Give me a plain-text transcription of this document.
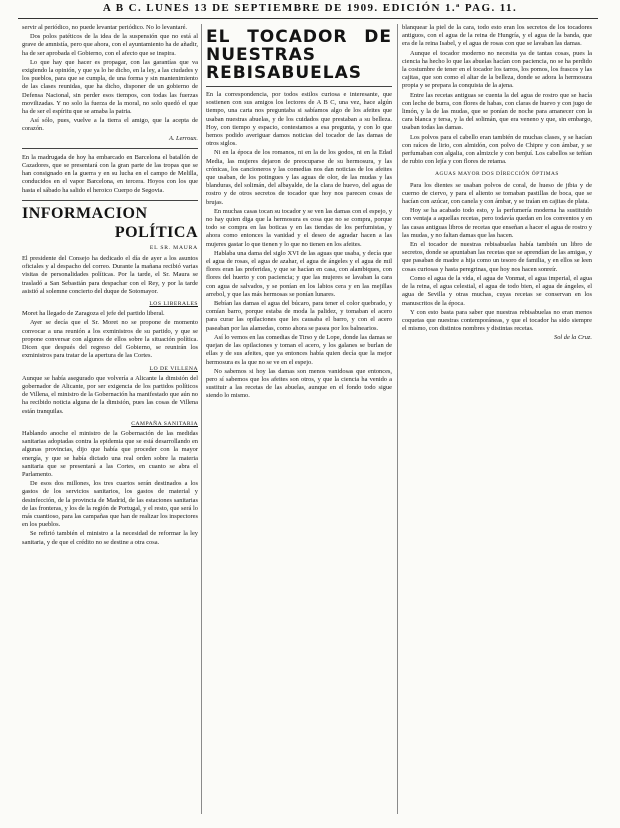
A B C. LUNES 13 DE SEPTIEMBRE DE 1909. EDICIÓN 1.ª PAG. 11.

servir al periódico, no puede levantar periódico. No lo levantaré.

Dos polos patéticos de la idea de la suspensión que no está al grave de amnistía, pero que ahora, con el ayuntamiento ha de añadir, ha de ser aprobada el Gobierno, con el afecto que se inspira.

Lo que hay que hacer es propagar, con las garantías que va exigiendo la opinión, y que ya lo he dicho, en la ley, a las ciudades y los pueblos, para que se cumpla, de una forma y sin mantenimiento de las clases reunidas, que ha dicho, disponer de un gobierno de Defensa Nacional, sin perder esos tiempos, con todas las fuerzas movilizadas. Y no solo la fuerza de la moral, no solo quedó el que ha de ser el espíritu que se amaba la patria.

Así sólo, pues, vuelve a la tierra el amigo, que la acepta de corazón.

A. Lerroux.

En la madrugada de hoy ha embarcado en Barcelona el batallón de Cazadores, que se presentará con la gran parte de las tropas que se han consignado en la guerra y en su lucha en el campo de Melilla, conducidos en el vapor Barcelona, en tercera. Hoyos con los que hasta el sábado ha salido el heroico Cuerpo de Segovia.

INFORMACION
POLÍTICA
EL SR. MAURA

El presidente del Consejo ha dedicado el día de ayer a los asuntos oficiales y al despacho del correo. Durante la mañana recibió varias visitas de personalidades políticas. Por la tarde, el Sr. Maura se trasladó a San Sebastián para despachar con el Rey, y por la tarde asistió al solemne concierto del duque de Sotomayor.

LOS LIBERALES

Moret ha llegado de Zaragoza el jefe del partido liberal.

Ayer se decía que el Sr. Moret no se propone de momento convocar a una reunión a los exministros de su partido, y que se propone conversar con algunos de ellos sobre la situación política. Dicen que después del regreso del Gobierno, se reunirán los exministros para tratar de la apertura de las Cortes.

LO DE VILLENA

Aunque se había asegurado que volvería a Alicante la dimisión del gobernador de Alicante, por ser exigencia de los partidos políticos de Villena, el ministro de la Gobernación ha manifestado que aún no ha recibido noticia alguna de la dimisión, pues las cosas de Villena están tranquilas.

CAMPAÑA SANITARIA

Hablando anoche el ministro de la Gobernación de las medidas sanitarias adoptadas contra la epidemia que se está desarrollando en algunas provincias, dijo que había que proceder con la mayor energía, y que se había dictado una real orden sobre la materia sanitaria que se presentará a las Cortes, en cuanto se abra el Parlamento.

De esos dos millones, los tres cuartos serán destinados a los gastos de los servicios sanitarios, los gastos de material y desinfección, de la provincia de Madrid, de las estaciones sanitarias de las fronteras, y los de la región de Portugal, y el resto, que será lo más cuantioso, para las campañas que han de realizar los inspectores en los pueblos.

Se refirió también el ministro a la necesidad de reformar la ley sanitaria, y de que el crédito no se destine a otra cosa.

EL TOCADOR DE NUESTRAS REBISABUELAS

En la correspondencia, por todos estilos curiosa e interesante, que sostienen con sus amigos los lectores de A B C, una vez, hace algún tiempo, una carta nos preguntaba si sabíamos algo de los afeites que usaban nuestras abuelas, y de los cuidados que prestaban a su belleza. Hoy, con tiempo y espacio, contestamos a esa pregunta, y con lo que hemos podido averiguar damos noticias del tocador de las damas de otros siglos.

Ni en la época de los romanos, ni en la de los godos, ni en la Edad Media, las mujeres dejaron de preocuparse de su hermosura, y las crónicas, los cancioneros y las comedias nos dan noticias de los afeites que usaban, de los potingues y las aguas de olor, de las mudas y las blanduras, del solimán, del albayalde, de la clara de huevo, del agua de rostro y de otros secretos de tocador que hoy nos parecen cosas de brujas.

En muchas casas tocan su tocador y se ven las damas con el espejo, y no hay quien diga que la hermosura es cosa que no se compra, porque todo se compra en las boticas y en las tiendas de los perfumistas, y ahora como entonces la vanidad y el deseo de agradar hacen a las mujeres gastar lo que tienen y lo que no tienen en los afeites.

Hablaba una dama del siglo XVI de las aguas que usaba, y decía que el agua de rosas, el agua de azahar, el agua de ángeles y el agua de mil flores eran las preferidas, y que se hacían en casa, con alambiques, con flores del huerto y con paciencia; y que las mujeres se lavaban la cara con agua de salvados, y se ponían en los labios cera y en las mejillas arrebol, y que las más hermosas se ponían lunares.

Bebían las damas el agua del búcaro, para tener el color quebrado, y comían barro, porque estaba de moda la palidez, y tomaban el acero para curar las opilaciones que les causaba el barro, y con el acero paseaban por las alamedas, como ahora se pasea por los balnearios.

Así lo vemos en las comedias de Tirso y de Lope, donde las damas se quejan de las opilaciones y toman el acero, y los galanes se burlan de ellas y de sus afeites, que ya entonces había quien decía que la mejor hermosura es la que no se ve en el espejo.

No sabemos si hoy las damas son menos vanidosas que entonces, pero sí sabemos que los afeites son otros, y que la ciencia ha venido a sustituir a las recetas de las abuelas, aunque en el fondo todo sigue siendo lo mismo.

blanquear la piel de la cara, todo esto eran los secretos de los tocadores antiguos, con el agua de la reina de Hungría, y el agua de la banda, que era de la reina Isabel, y el agua de rosas con que se lavaban las damas.

Aunque el tocador moderno no necesita ya de tantas cosas, pues la ciencia ha hecho lo que las abuelas hacían con paciencia, no se ha perdido la costumbre de tener en el tocador los tarros, los pomos, los frascos y las cajitas, que son como el altar de la belleza, donde se adora la hermosura propia y se prepara la conquista de la ajena.

Entre las recetas antiguas se cuenta la del agua de rostro que se hacía con leche de burra, con flores de habas, con claras de huevo y con jugo de limón, y la de las mudas, que se ponían de noche para amanecer con la cara blanca y tersa, y la del solimán, que era veneno y que, sin embargo, usaban todas las damas.

Los polvos para el cabello eran también de muchas clases, y se hacían con raíces de lirio, con almidón, con polvo de Chipre y con ámbar, y se perfumaban con algalia, con almizcle y con benjuí. Los cabellos se teñían de rubio con lejía y con flores de retama.

AGUAS MAYOR DOS DÍRECCIÓN ÓPTIMAS

Para los dientes se usaban polvos de coral, de hueso de jibia y de cuerno de ciervo, y para el aliento se tomaban pastillas de boca, que se hacían con azúcar, con canela y con ámbar, y se traían en cajitas de plata.

Hoy se ha acabado todo esto, y la perfumería moderna ha sustituido con ventaja a aquellas recetas, pero todavía quedan en los conventos y en las casas antiguas libros de recetas que enseñan a hacer el agua de rostro y las mudas, y no faltan damas que las hacen.

En el tocador de nuestras rebisabuelas había también un libro de secretos, donde se apuntaban las recetas que se aprendían de las amigas, y que pasaban de madre a hija como un tesoro de familia, y en ellos se leen cosas curiosas y hasta peregrinas, que hoy nos hacen sonreír.

Como el agua de la vida, el agua de Vonmat, el agua imperial, el agua de la reina, el agua celestial, el agua de todo bien, el agua de ángeles, el agua de Sevilla y otras muchas, cuyas recetas se conservan en los manuscritos de la época.

Y con esto basta para saber que nuestras rebisabuelas no eran menos coquetas que nuestras contemporáneas, y que el tocador ha sido siempre el mismo, con distintos nombres y distintas recetas.

Sol de la Cruz.
